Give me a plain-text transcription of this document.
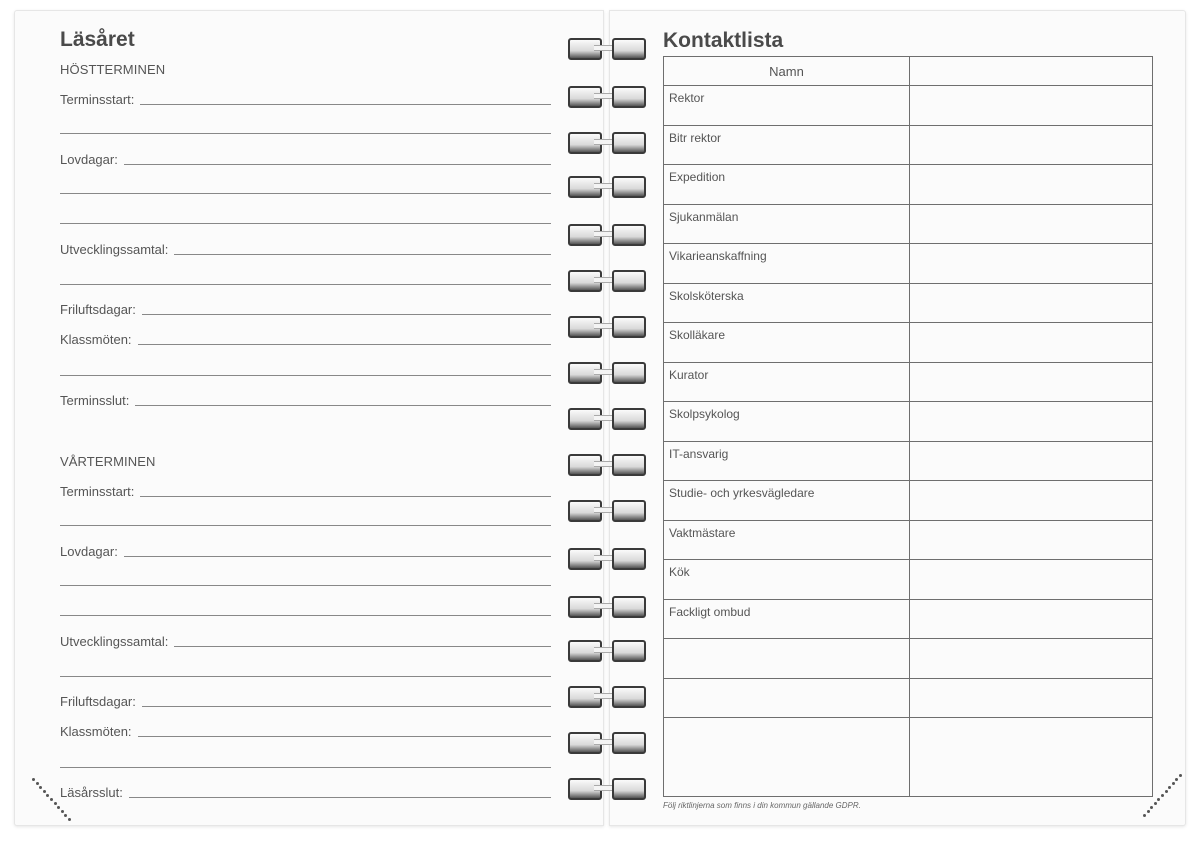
Läsåret
HÖSTTERMINEN
Terminsstart:
Lovdagar:
Utvecklingssamtal:
Friluftsdagar:
Klassmöten:
Terminsslut:
VÅRTERMINEN
Terminsstart:
Lovdagar:
Utvecklingssamtal:
Friluftsdagar:
Klassmöten:
Läsårsslut:
Kontaktlista
Namn
Rektor
Bitr rektor
Expedition
Sjukanmälan
Vikarieanskaffning
Skolsköterska
Skolläkare
Kurator
Skolpsykolog
IT-ansvarig
Studie- och yrkesvägledare
Vaktmästare
Kök
Fackligt ombud
Följ riktlinjerna som finns i din kommun gällande GDPR.
